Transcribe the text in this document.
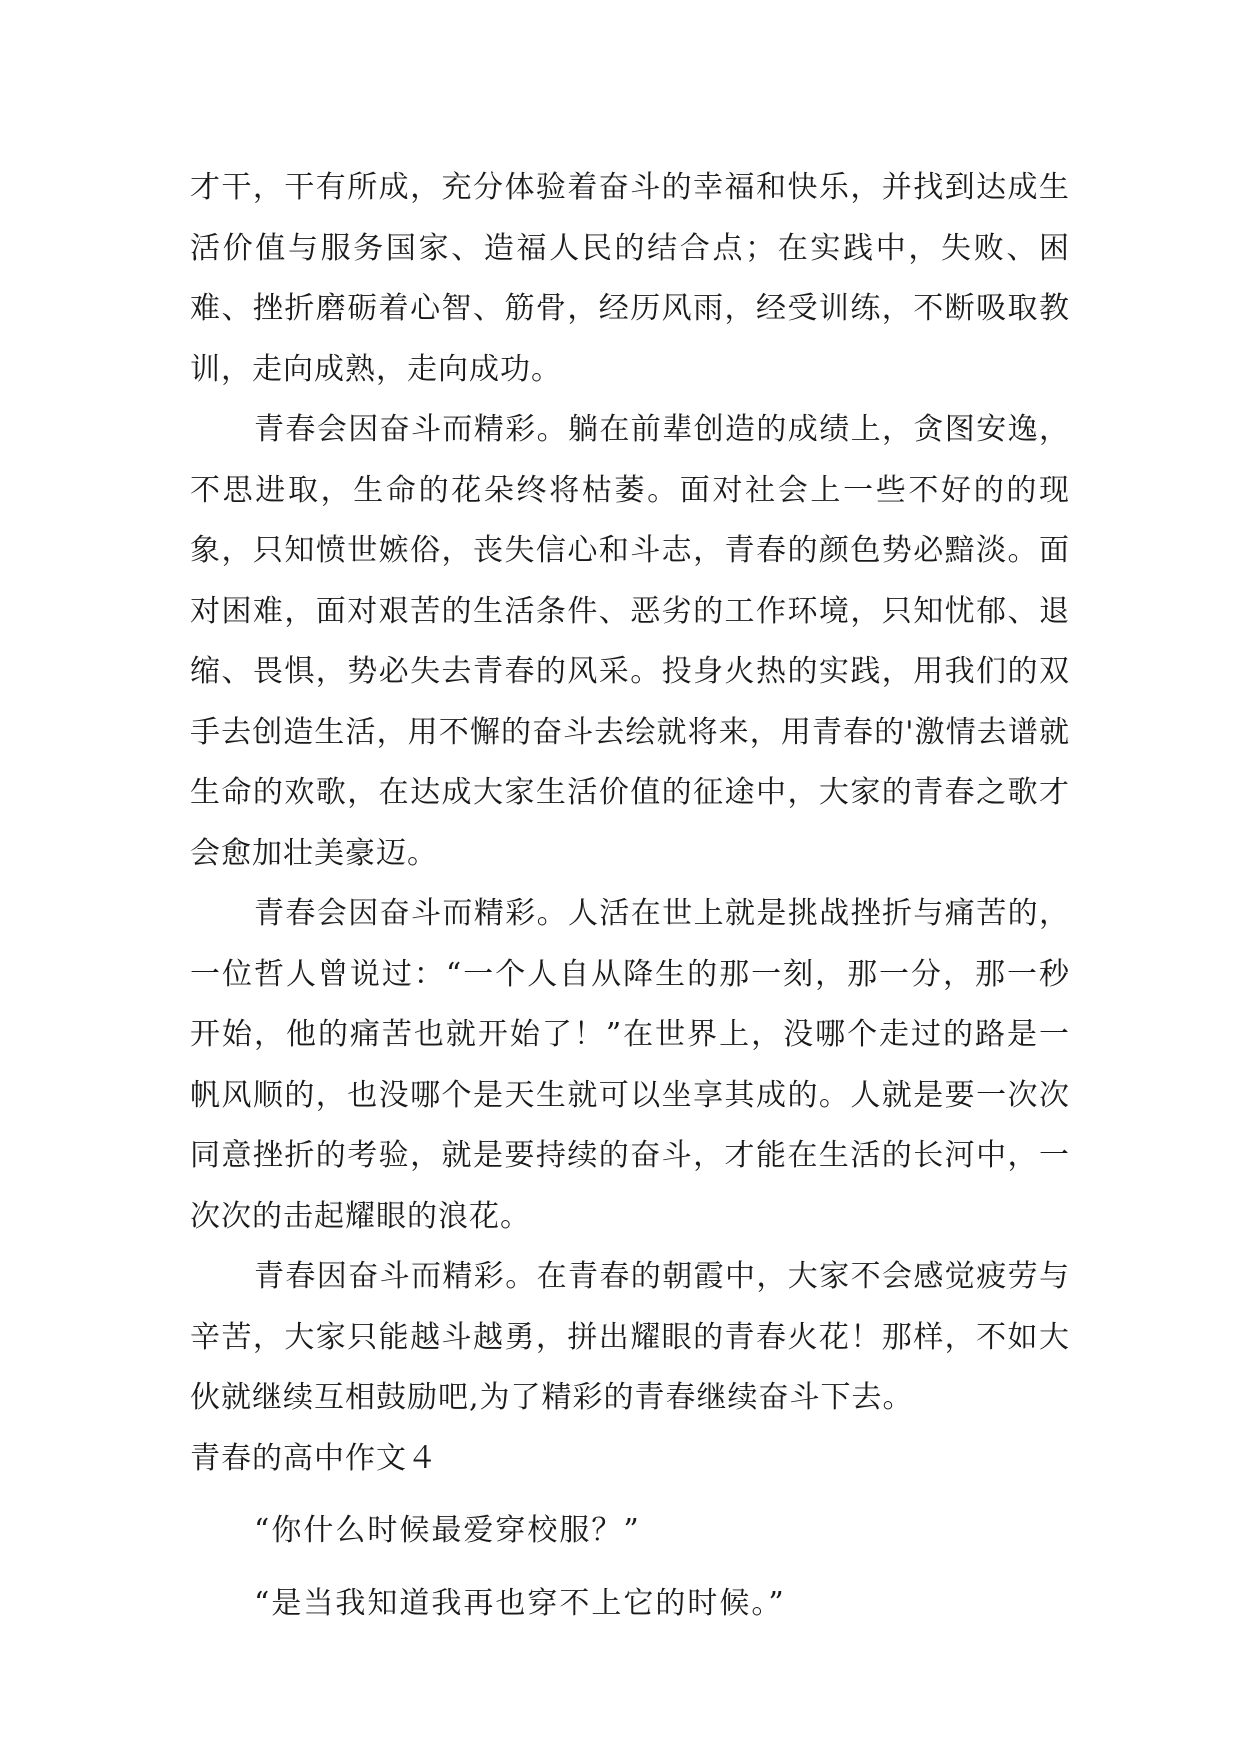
才干，干有所成，充分体验着奋斗的幸福和快乐，并找到达成生活价值与服务国家、造福人民的结合点；在实践中，失败、困难、挫折磨砺着心智、筋骨，经历风雨，经受训练，不断吸取教训，走向成熟，走向成功。

青春会因奋斗而精彩。躺在前辈创造的成绩上，贪图安逸，不思进取，生命的花朵终将枯萎。面对社会上一些不好的的现象，只知愤世嫉俗，丧失信心和斗志，青春的颜色势必黯淡。面对困难，面对艰苦的生活条件、恶劣的工作环境，只知忧郁、退缩、畏惧，势必失去青春的风采。投身火热的实践，用我们的双手去创造生活，用不懈的奋斗去绘就将来，用青春的'激情去谱就生命的欢歌，在达成大家生活价值的征途中，大家的青春之歌才会愈加壮美豪迈。

青春会因奋斗而精彩。人活在世上就是挑战挫折与痛苦的，一位哲人曾说过：“一个人自从降生的那一刻，那一分，那一秒开始，他的痛苦也就开始了！”在世界上，没哪个走过的路是一帆风顺的，也没哪个是天生就可以坐享其成的。人就是要一次次同意挫折的考验，就是要持续的奋斗，才能在生活的长河中，一次次的击起耀眼的浪花。

青春因奋斗而精彩。在青春的朝霞中，大家不会感觉疲劳与辛苦，大家只能越斗越勇，拼出耀眼的青春火花！那样，不如大伙就继续互相鼓励吧,为了精彩的青春继续奋斗下去。

青春的高中作文４

“你什么时候最爱穿校服？”

“是当我知道我再也穿不上它的时候。”
